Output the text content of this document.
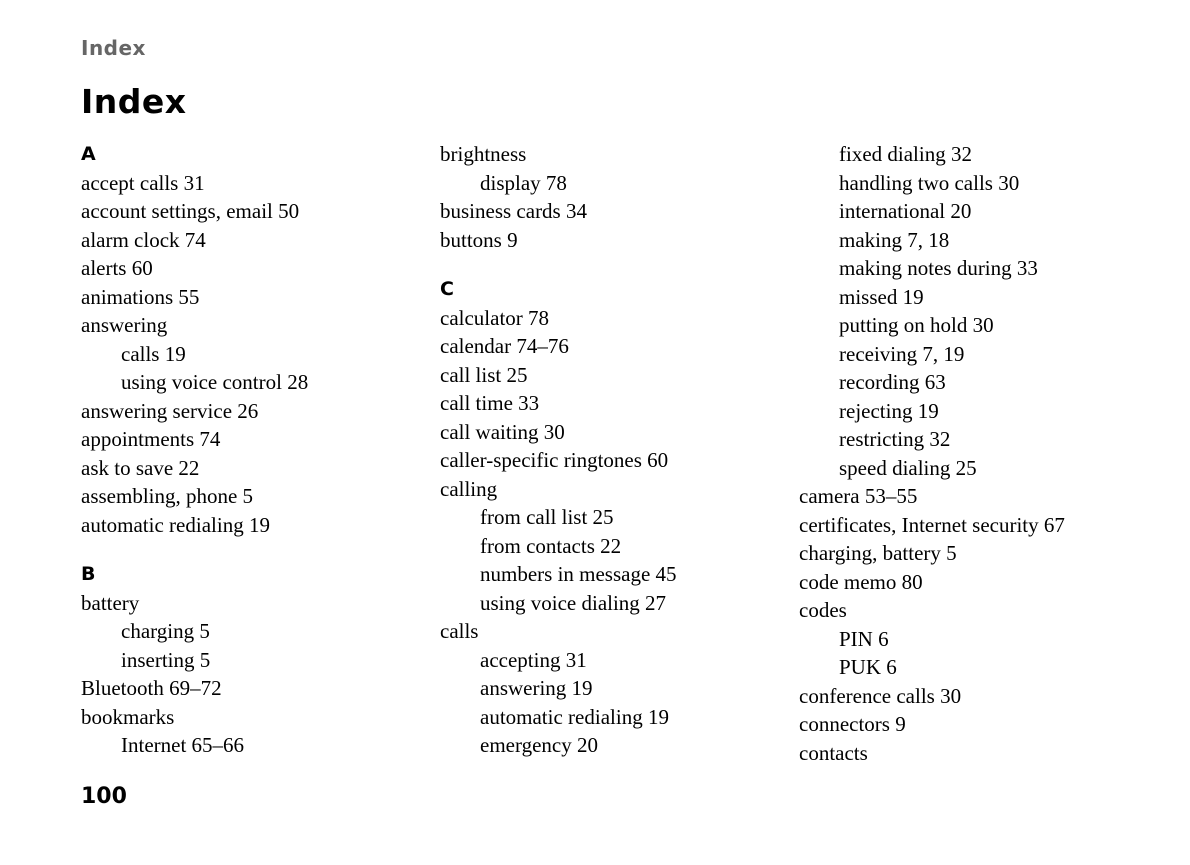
Index
Index
A
accept calls 31
account settings, email 50
alarm clock 74
alerts 60
animations 55
answering
calls 19
using voice control 28
answering service 26
appointments 74
ask to save 22
assembling, phone 5
automatic redialing 19
B
battery
charging 5
inserting 5
Bluetooth 69–72
bookmarks
Internet 65–66
brightness
display 78
business cards 34
buttons 9
C
calculator 78
calendar 74–76
call list 25
call time 33
call waiting 30
caller-specific ringtones 60
calling
from call list 25
from contacts 22
numbers in message 45
using voice dialing 27
calls
accepting 31
answering 19
automatic redialing 19
emergency 20
fixed dialing 32
handling two calls 30
international 20
making 7, 18
making notes during 33
missed 19
putting on hold 30
receiving 7, 19
recording 63
rejecting 19
restricting 32
speed dialing 25
camera 53–55
certificates, Internet security 67
charging, battery 5
code memo 80
codes
PIN 6
PUK 6
conference calls 30
connectors 9
contacts
100
